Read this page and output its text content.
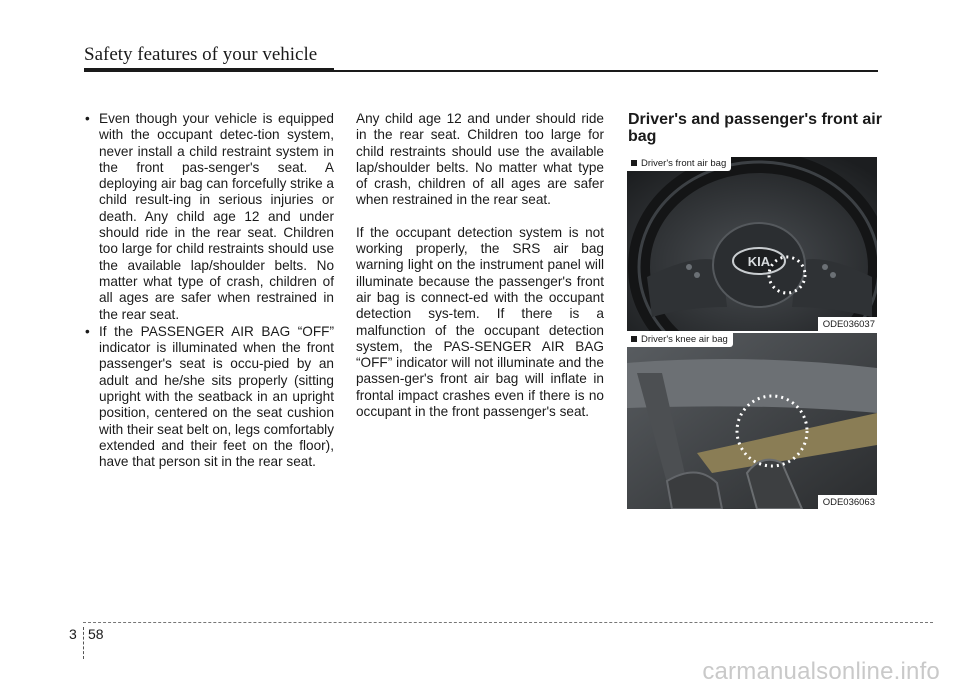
Safety features of your vehicle
• Even though your vehicle is equipped with the occupant detec-tion system, never install a child restraint system in the front pas-senger's seat. A deploying air bag can forcefully strike a child result-ing in serious injuries or death. Any child age 12 and under should ride in the rear seat. Children too large for child restraints should use the available lap/shoulder belts. No matter what type of crash, children of all ages are safer when restrained in the rear seat.
• If the PASSENGER AIR BAG “OFF” indicator is illuminated when the front passenger's seat is occu-pied by an adult and he/she sits properly (sitting upright with the seatback in an upright position, centered on the seat cushion with their seat belt on, legs comfortably extended and their feet on the floor), have that person sit in the rear seat.

Any child age 12 and under should ride in the rear seat. Children too large for child restraints should use the available lap/shoulder belts. No matter what type of crash, children of all ages are safer when restrained in the rear seat.

If the occupant detection system is not working properly, the SRS air bag warning light on the instrument panel will illuminate because the passenger's front air bag is connect-ed with the occupant detection sys-tem. If there is a malfunction of the occupant detection system, the PAS-SENGER AIR BAG “OFF” indicator will not illuminate and the passen-ger's front air bag will inflate in frontal impact crashes even if there is no occupant in the front passenger's seat.

Driver's and passenger's front air bag
KIA
Driver's front air bag
ODE036037
Driver's knee air bag
ODE036063
3 58
carmanualsonline.info
